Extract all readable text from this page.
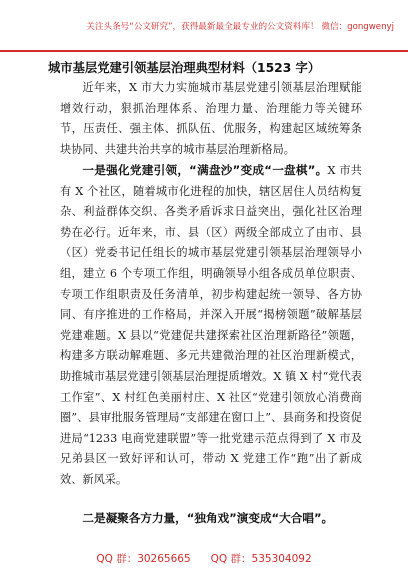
关注头条号“公文研究”，获得最新最全最专业的公文资料库！ 微信：gongwenyj
城市基层党建引领基层治理典型材料（1523 字）

近年来，X 市大力实施城市基层党建引领基层治理赋能增效行动，狠抓治理体系、治理力量、治理能力等关键环节，压责任、强主体、抓队伍、优服务，构建起区域统筹条块协同、共建共治共享的城市基层治理新格局。

一是强化党建引领，“满盘沙”变成“一盘棋”。X 市共有 X 个社区，随着城市化进程的加快，辖区居住人员结构复杂、利益群体交织、各类矛盾诉求日益突出，强化社区治理势在必行。近年来，市、县（区）两级全部成立了由市、县（区）党委书记任组长的城市基层党建引领基层治理领导小组，建立 6 个专项工作组，明确领导小组各成员单位职责、专项工作组职责及任务清单，初步构建起统一领导、各方协同、有序推进的工作格局，并深入开展“揭榜领题”破解基层党建难题。X 县以“党建促共建探索社区治理新路径”领题，构建多方联动解难题、多元共建微治理的社区治理新模式，助推城市基层党建引领基层治理提质增效。X 镇 X 村“党代表工作室”、X 村红色美丽村庄、X 社区“党建引领放心消费商圈”、县审批服务管理局“支部建在窗口上”、县商务和投资促进局“1233 电商党建联盟”等一批党建示范点得到了 X 市及兄弟县区一致好评和认可，带动 X 党建工作“跑”出了新成效、新风采。

二是凝聚各方力量，“独角戏”演变成“大合唱”。

QQ 群：30265665      QQ 群：535304092
